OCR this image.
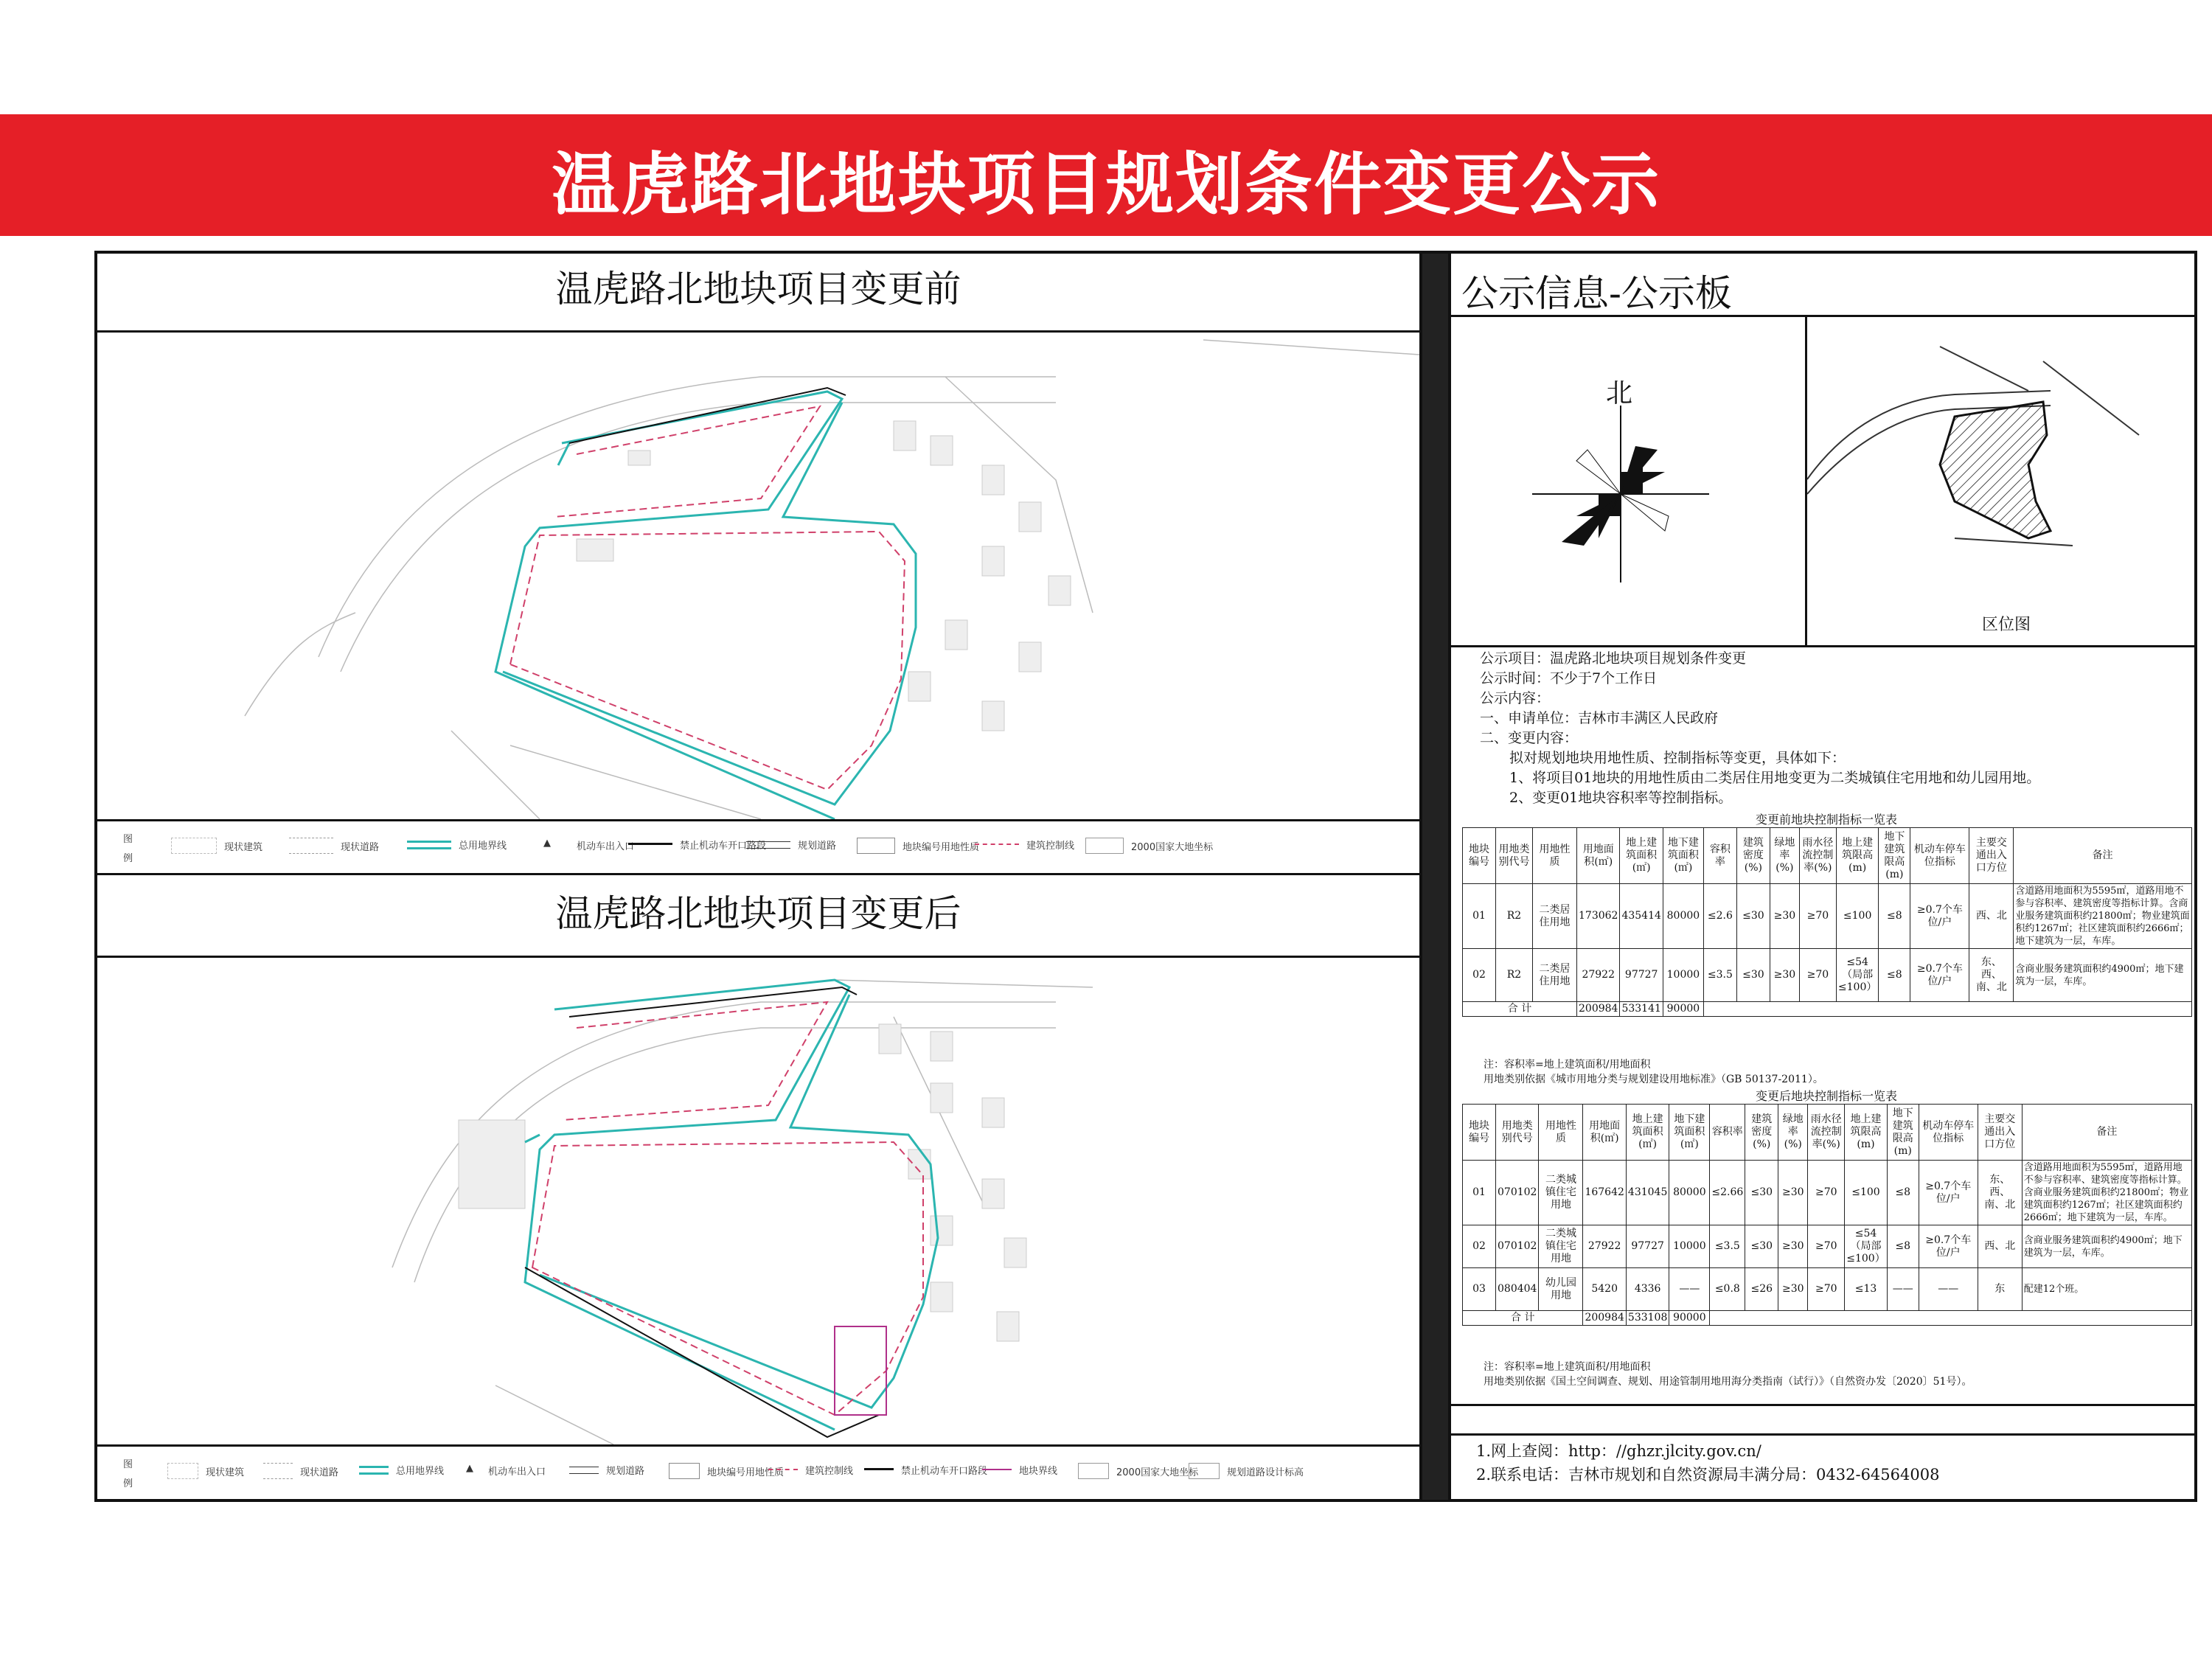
温虎路北地块项目规划条件变更公示
温虎路北地块项目变更前
图例
现状建筑	现状道路	总用地界线	▲	机动车出入口	禁止机动车开口路段	规划道路	地块编号用地性质	建筑控制线	2000国家大地坐标
温虎路北地块项目变更后
图例
现状建筑	现状道路	总用地界线	▲	机动车出入口	规划道路	地块编号用地性质 建筑控制线	禁止机动车开口路段	地块界线	2000国家大地坐标	规划道路设计标高
公示信息-公示板
北
区位图
公示项目：温虎路北地块项目规划条件变更
公示时间：不少于7个工作日
公示内容：
一、申请单位：吉林市丰满区人民政府
二、变更内容：
拟对规划地块用地性质、控制指标等变更，具体如下：
1、将项目01地块的用地性质由二类居住用地变更为二类城镇住宅用地和幼儿园用地。
2、变更01地块容积率等控制指标。
变更前地块控制指标一览表
地块编号	用地类别代号	用地性质	用地面积(㎡)	地上建筑面积(㎡)	地下建筑面积(㎡)	容积率	建筑密度(%)	绿地率(%)	雨水径流控制率(%)	地上建筑限高(m)	地下建筑限高(m)	机动车停车位指标	主要交通出入口方位	备注
01	R2	二类居住用地	173062	435414	80000	≤2.6	≤30	≥30	≥70	≤100	≤8	≥0.7个车位/户	西、北	含道路用地面积为5595㎡，道路用地不参与容积率、建筑密度等指标计算。含商业服务建筑面积约21800㎡；物业建筑面积约1267㎡；社区建筑面积约2666㎡；地下建筑为一层，车库。
02	R2	二类居住用地	27922	97727	10000	≤3.5	≤30	≥30	≥70	≤54（局部≤100）	≤8	≥0.7个车位/户	东、西、南、北	含商业服务建筑面积约4900㎡；地下建筑为一层，车库。
合 计			200984	533141	90000									
注：容积率=地上建筑面积/用地面积
用地类别依据《城市用地分类与规划建设用地标准》（GB 50137-2011）。
变更后地块控制指标一览表
地块编号	用地类别代号	用地性质	用地面积(㎡)	地上建筑面积(㎡)	地下建筑面积(㎡)	容积率	建筑密度(%)	绿地率(%)	雨水径流控制率(%)	地上建筑限高(m)	地下建筑限高(m)	机动车停车位指标	主要交通出入口方位	备注
01	070102	二类城镇住宅用地	167642	431045	80000	≤2.66	≤30	≥30	≥70	≤100	≤8	≥0.7个车位/户	东、西、南、北	含道路用地面积为5595㎡，道路用地不参与容积率、建筑密度等指标计算。含商业服务建筑面积约21800㎡；物业建筑面积约1267㎡；社区建筑面积约2666㎡；地下建筑为一层，车库。
02	070102	二类城镇住宅用地	27922	97727	10000	≤3.5	≤30	≥30	≥70	≤54（局部≤100）	≤8	≥0.7个车位/户	西、北	含商业服务建筑面积约4900㎡；地下建筑为一层，车库。
03	080404	幼儿园用地	5420	4336	——	≤0.8	≤26	≥30	≥70	≤13	——	——	东	配建12个班。
合 计			200984	533108	90000									
注：容积率=地上建筑面积/用地面积
用地类别依据《国土空间调查、规划、用途管制用地用海分类指南（试行）》（自然资办发〔2020〕51号）。
1.网上查阅：http：//ghzr.jlcity.gov.cn/
2.联系电话：吉林市规划和自然资源局丰满分局：0432-64564008
